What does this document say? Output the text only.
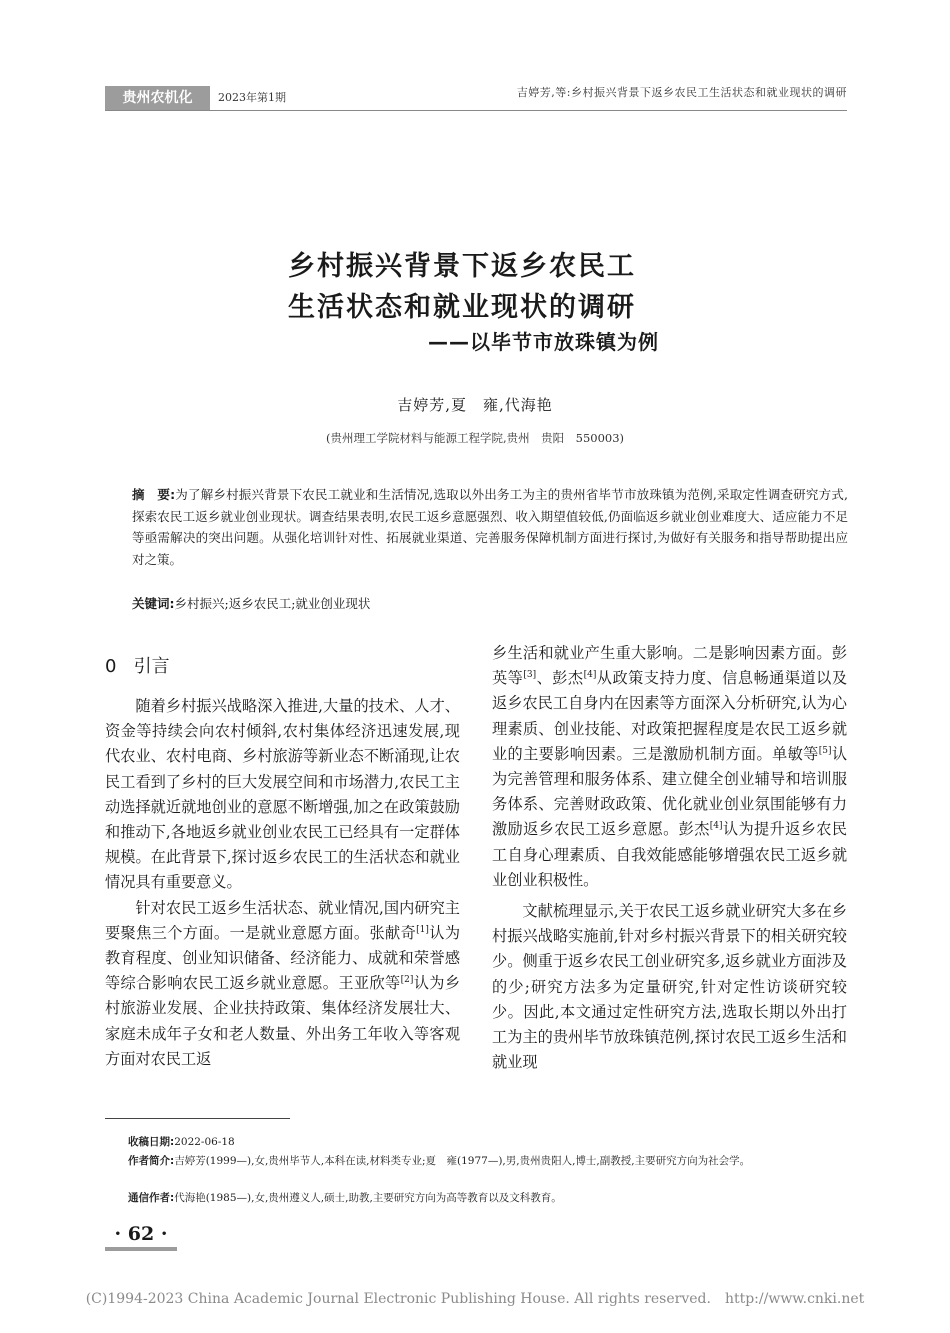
贵州农机化	2023年第1期	吉婷芳,等:乡村振兴背景下返乡农民工生活状态和就业现状的调研
乡村振兴背景下返乡农民工
生活状态和就业现状的调研
——以毕节市放珠镇为例
吉婷芳,夏　雍,代海艳
(贵州理工学院材料与能源工程学院,贵州　贵阳　550003)
摘　要:为了解乡村振兴背景下农民工就业和生活情况,选取以外出务工为主的贵州省毕节市放珠镇为范例,采取定性调查研究方式,探索农民工返乡就业创业现状。调查结果表明,农民工返乡意愿强烈、收入期望值较低,仍面临返乡就业创业难度大、适应能力不足等亟需解决的突出问题。从强化培训针对性、拓展就业渠道、完善服务保障机制方面进行探讨,为做好有关服务和指导帮助提出应对之策。
关键词:乡村振兴;返乡农民工;就业创业现状
0 引言

随着乡村振兴战略深入推进,大量的技术、人才、资金等持续会向农村倾斜,农村集体经济迅速发展,现代农业、农村电商、乡村旅游等新业态不断涌现,让农民工看到了乡村的巨大发展空间和市场潜力,农民工主动选择就近就地创业的意愿不断增强,加之在政策鼓励和推动下,各地返乡就业创业农民工已经具有一定群体规模。在此背景下,探讨返乡农民工的生活状态和就业情况具有重要意义。

针对农民工返乡生活状态、就业情况,国内研究主要聚焦三个方面。一是就业意愿方面。张献奇[1]认为教育程度、创业知识储备、经济能力、成就和荣誉感等综合影响农民工返乡就业意愿。王亚欣等[2]认为乡村旅游业发展、企业扶持政策、集体经济发展壮大、家庭未成年子女和老人数量、外出务工年收入等客观方面对农民工返

乡生活和就业产生重大影响。二是影响因素方面。彭英等[3]、彭杰[4]从政策支持力度、信息畅通渠道以及返乡农民工自身内在因素等方面深入分析研究,认为心理素质、创业技能、对政策把握程度是农民工返乡就业的主要影响因素。三是激励机制方面。单敏等[5]认为完善管理和服务体系、建立健全创业辅导和培训服务体系、完善财政政策、优化就业创业氛围能够有力激励返乡农民工返乡意愿。彭杰[4]认为提升返乡农民工自身心理素质、自我效能感能够增强农民工返乡就业创业积极性。

文献梳理显示,关于农民工返乡就业研究大多在乡村振兴战略实施前,针对乡村振兴背景下的相关研究较少。侧重于返乡农民工创业研究多,返乡就业方面涉及的少;研究方法多为定量研究,针对定性访谈研究较少。因此,本文通过定性研究方法,选取长期以外出打工为主的贵州毕节放珠镇范例,探讨农民工返乡生活和就业现

收稿日期:2022-06-18
作者简介:吉婷芳(1999—),女,贵州毕节人,本科在读,材料类专业;夏　雍(1977—),男,贵州贵阳人,博士,副教授,主要研究方向为社会学。
通信作者:代海艳(1985—),女,贵州遵义人,硕士,助教,主要研究方向为高等教育以及文科教育。
· 62 ·
(C)1994-2023 China Academic Journal Electronic Publishing House. All rights reserved.　http://www.cnki.net
